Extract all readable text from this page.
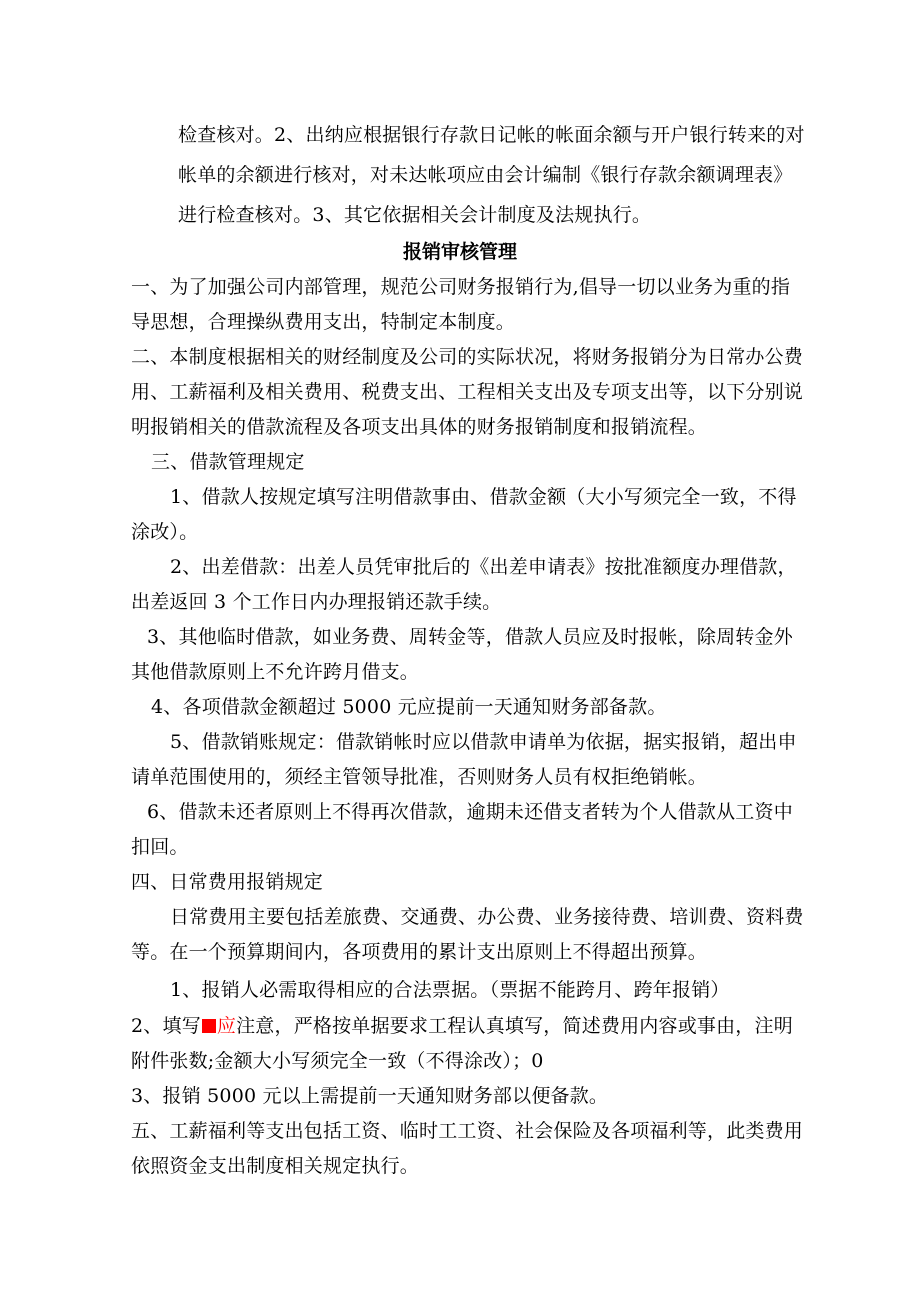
检查核对。2、出纳应根据银行存款日记帐的帐面余额与开户银行转来的对
帐单的余额进行核对，对未达帐项应由会计编制《银行存款余额调理表》
进行检查核对。3、其它依据相关会计制度及法规执行。
报销审核管理
一、为了加强公司内部管理，规范公司财务报销行为,倡导一切以业务为重的指
导思想，合理操纵费用支出，特制定本制度。
二、本制度根据相关的财经制度及公司的实际状况，将财务报销分为日常办公费
用、工薪福利及相关费用、税费支出、工程相关支出及专项支出等，以下分别说
明报销相关的借款流程及各项支出具体的财务报销制度和报销流程。
三、借款管理规定
1、借款人按规定填写注明借款事由、借款金额（大小写须完全一致，不得
涂改）。
2、出差借款：出差人员凭审批后的《出差申请表》按批准额度办理借款，
出差返回 3 个工作日内办理报销还款手续。
3、其他临时借款，如业务费、周转金等，借款人员应及时报帐，除周转金外
其他借款原则上不允许跨月借支。
4、各项借款金额超过 5000 元应提前一天通知财务部备款。
5、借款销账规定：借款销帐时应以借款申请单为依据，据实报销，超出申
请单范围使用的，须经主管领导批准，否则财务人员有权拒绝销帐。
6、借款未还者原则上不得再次借款，逾期未还借支者转为个人借款从工资中
扣回。
四、日常费用报销规定
日常费用主要包括差旅费、交通费、办公费、业务接待费、培训费、资料费
等。在一个预算期间内，各项费用的累计支出原则上不得超出预算。
1、报销人必需取得相应的合法票据。（票据不能跨月、跨年报销）
2、填写 应注意，严格按单据要求工程认真填写，简述费用内容或事由，注明
附件张数;金额大小写须完全一致（不得涂改）；0
3、报销 5000 元以上需提前一天通知财务部以便备款。
五、工薪福利等支出包括工资、临时工工资、社会保险及各项福利等，此类费用
依照资金支出制度相关规定执行。
